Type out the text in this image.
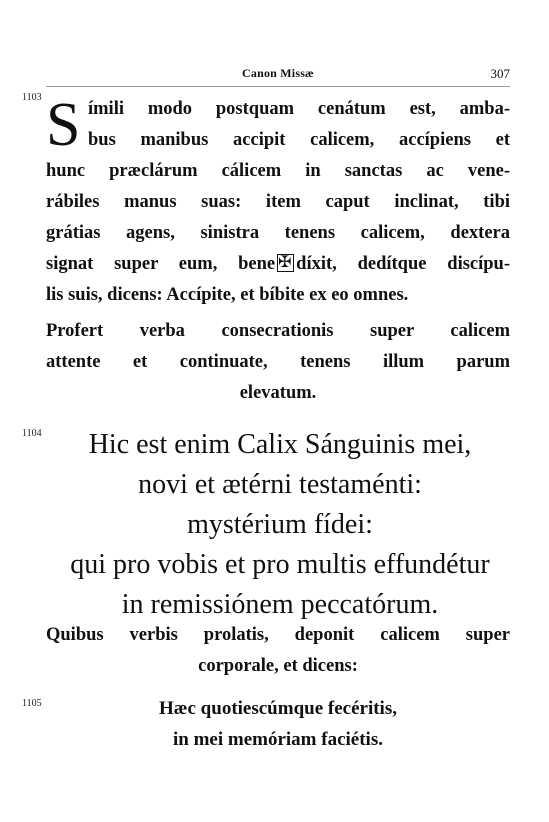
Canon Missæ	307
1103 S ímili modo postquam cenátum est, amba-
bus manibus accipit calicem, accípiens et
hunc præclárum cálicem in sanctas ac vene-
rábiles manus suas: item caput inclinat, tibi
grátias agens, sinistra tenens calicem, dextera
signat super eum, bene ✠ díxit, dedítque discípu-
lis suis, dicens: Accípite, et bíbite ex eo omnes.
Profert verba consecrationis super calicem
attente et continuate, tenens illum parum
elevatum.
1104	Hic est enim Calix Sánguinis mei,
novi et ætérni testaménti:
mystérium fídei:
qui pro vobis et pro multis effundétur
in remissiónem peccatórum.
Quibus verbis prolatis, deponit calicem super
corporale, et dicens:
1105	Hæc quotiescúmque fecéritis,
in mei memóriam faciétis.
